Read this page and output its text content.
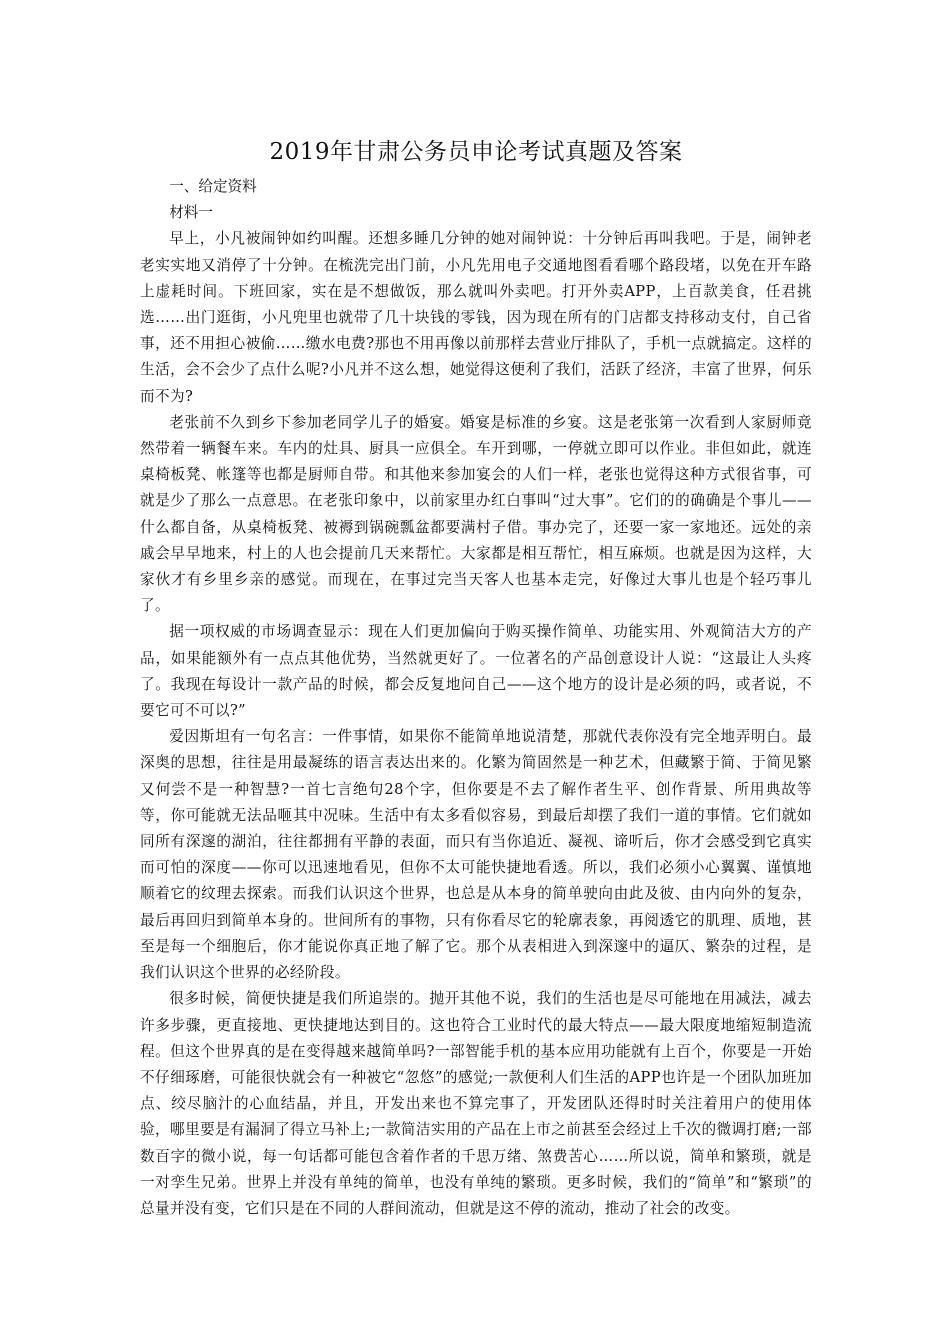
2019年甘肃公务员申论考试真题及答案

一、给定资料

材料一

早上，小凡被闹钟如约叫醒。还想多睡几分钟的她对闹钟说：十分钟后再叫我吧。于是，闹钟老老实实地又消停了十分钟。在梳洗完出门前，小凡先用电子交通地图看看哪个路段堵，以免在开车路上虚耗时间。下班回家，实在是不想做饭，那么就叫外卖吧。打开外卖APP，上百款美食，任君挑选……出门逛街，小凡兜里也就带了几十块钱的零钱，因为现在所有的门店都支持移动支付，自己省事，还不用担心被偷……缴水电费?那也不用再像以前那样去营业厅排队了，手机一点就搞定。这样的生活，会不会少了点什么呢?小凡并不这么想，她觉得这便利了我们，活跃了经济，丰富了世界，何乐而不为?

老张前不久到乡下参加老同学儿子的婚宴。婚宴是标准的乡宴。这是老张第一次看到人家厨师竟然带着一辆餐车来。车内的灶具、厨具一应俱全。车开到哪，一停就立即可以作业。非但如此，就连桌椅板凳、帐篷等也都是厨师自带。和其他来参加宴会的人们一样，老张也觉得这种方式很省事，可就是少了那么一点意思。在老张印象中，以前家里办红白事叫“过大事”。它们的的确确是个事儿——什么都自备，从桌椅板凳、被褥到锅碗瓢盆都要满村子借。事办完了，还要一家一家地还。远处的亲戚会早早地来，村上的人也会提前几天来帮忙。大家都是相互帮忙，相互麻烦。也就是因为这样，大家伙才有乡里乡亲的感觉。而现在，在事过完当天客人也基本走完，好像过大事儿也是个轻巧事儿了。

据一项权威的市场调查显示：现在人们更加偏向于购买操作简单、功能实用、外观简洁大方的产品，如果能额外有一点点其他优势，当然就更好了。一位著名的产品创意设计人说：“这最让人头疼了。我现在每设计一款产品的时候，都会反复地问自己——这个地方的设计是必须的吗，或者说，不要它可不可以?”

爱因斯坦有一句名言：一件事情，如果你不能简单地说清楚，那就代表你没有完全地弄明白。最深奥的思想，往往是用最凝练的语言表达出来的。化繁为简固然是一种艺术，但藏繁于简、于简见繁又何尝不是一种智慧?一首七言绝句28个字，但你要是不去了解作者生平、创作背景、所用典故等等，你可能就无法品咂其中况味。生活中有太多看似容易，到最后却摆了我们一道的事情。它们就如同所有深邃的湖泊，往往都拥有平静的表面，而只有当你追近、凝视、谛听后，你才会感受到它真实而可怕的深度——你可以迅速地看见，但你不太可能快捷地看透。所以，我们必须小心翼翼、谨慎地顺着它的纹理去探索。而我们认识这个世界，也总是从本身的简单驶向由此及彼、由内向外的复杂，最后再回归到简单本身的。世间所有的事物，只有你看尽它的轮廓表象，再阅透它的肌理、质地，甚至是每一个细胞后，你才能说你真正地了解了它。那个从表相进入到深邃中的逼仄、繁杂的过程，是我们认识这个世界的必经阶段。

很多时候，简便快捷是我们所追崇的。抛开其他不说，我们的生活也是尽可能地在用减法，减去许多步骤，更直接地、更快捷地达到目的。这也符合工业时代的最大特点——最大限度地缩短制造流程。但这个世界真的是在变得越来越简单吗?一部智能手机的基本应用功能就有上百个，你要是一开始不仔细琢磨，可能很快就会有一种被它“忽悠”的感觉;一款便利人们生活的APP也许是一个团队加班加点、绞尽脑汁的心血结晶，并且，开发出来也不算完事了，开发团队还得时时关注着用户的使用体验，哪里要是有漏洞了得立马补上;一款简洁实用的产品在上市之前甚至会经过上千次的微调打磨;一部数百字的微小说，每一句话都可能包含着作者的千思万绪、煞费苦心……所以说，简单和繁琐，就是一对孪生兄弟。世界上并没有单纯的简单，也没有单纯的繁琐。更多时候，我们的“简单”和“繁琐”的总量并没有变，它们只是在不同的人群间流动，但就是这不停的流动，推动了社会的改变。
